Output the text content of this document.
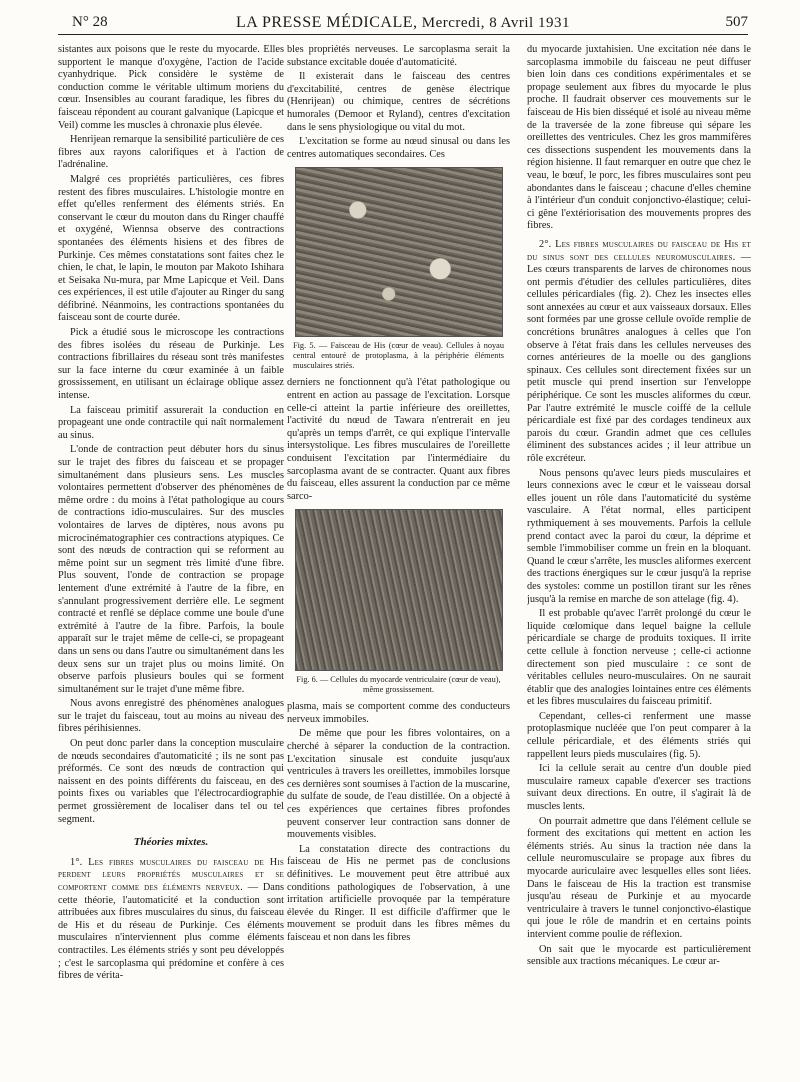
N° 28	LA PRESSE MÉDICALE, Mercredi, 8 Avril 1931	507

sistantes aux poisons que le reste du myocarde. Elles supportent le manque d'oxygène, l'action de l'acide cyanhydrique. Pick considère le système de conduction comme le véritable ultimum moriens du cœur. Insensibles au courant faradique, les fibres du faisceau répondent au courant galvanique (Lapicque et Veil) comme les muscles à chronaxie plus élevée.

Henrijean remarque la sensibilité particulière de ces fibres aux rayons calorifiques et à l'action de l'adrénaline.

Malgré ces propriétés particulières, ces fibres restent des fibres musculaires. L'histologie montre en effet qu'elles renferment des éléments striés. En conservant le cœur du mouton dans du Ringer chauffé et oxygéné, Wiennsa observe des contractions spontanées des éléments hisiens et des fibres de Purkinje. Ces mêmes constatations sont faites chez le chien, le chat, le lapin, le mouton par Makoto Ishihara et Seisaka Nu-mura, par Mme Lapicque et Veil. Dans ces expériences, il est utile d'ajouter au Ringer du sang défibriné. Néanmoins, les contractions spontanées du faisceau sont de courte durée.

Pick a étudié sous le microscope les contractions des fibres isolées du réseau de Purkinje. Les contractions fibrillaires du réseau sont très manifestes sur la face interne du cœur examinée à un faible grossissement, en utilisant un éclairage oblique assez intense.

La faisceau primitif assurerait la conduction en propageant une onde contractile qui naît normalement au sinus.

L'onde de contraction peut débuter hors du sinus sur le trajet des fibres du faisceau et se propager simultanément dans plusieurs sens. Les muscles volontaires permettent d'observer des phénomènes de même ordre : du moins à l'état pathologique au cours de contractions idio-musculaires. Sur des muscles volontaires de larves de diptères, nous avons pu microcinématographier ces contractions atypiques. Ce sont des nœuds de contraction qui se reforment au même point sur un segment très limité d'une fibre. Plus souvent, l'onde de contraction se propage lentement d'une extrémité à l'autre de la fibre, en s'annulant progressivement derrière elle. Le segment contracté et renflé se déplace comme une boule d'une extrémité à l'autre de la fibre. Parfois, la boule apparaît sur le trajet même de celle-ci, se propageant dans un sens ou dans l'autre ou simultanément dans les deux sens sur un trajet plus ou moins limité. On observe parfois plusieurs boules qui se forment simultanément sur le trajet d'une même fibre.

Nous avons enregistré des phénomènes analogues sur le trajet du faisceau, tout au moins au niveau des fibres périhisiennes.

On peut donc parler dans la conception musculaire de nœuds secondaires d'automaticité ; ils ne sont pas préformés. Ce sont des nœuds de contraction qui naissent en des points différents du faisceau, en des points fixes ou variables que l'électrocardiographie permet grossièrement de localiser dans tel ou tel segment.

Théories mixtes.

1°. Les fibres musculaires du faisceau de His perdent leurs propriétés musculaires et se comportent comme des éléments nerveux. — Dans cette théorie, l'automaticité et la conduction sont attribuées aux fibres musculaires du sinus, du faisceau de His et du réseau de Purkinje. Ces éléments musculaires n'interviennent plus comme éléments contractiles. Les éléments striés y sont peu développés ; c'est le sarcoplasma qui prédomine et confère à ces fibres de vérita-

bles propriétés nerveuses. Le sarcoplasma serait la substance excitable douée d'automaticité.

Il existerait dans le faisceau des centres d'excitabilité, centres de genèse électrique (Henrijean) ou chimique, centres de sécrétions humorales (Demoor et Ryland), centres d'excitation dans le sens physiologique ou vital du mot.

L'excitation se forme au nœud sinusal ou dans les centres automatiques secondaires. Ces

Fig. 5. — Faisceau de His (cœur de veau). Cellules à noyau central entouré de protoplasma, à la périphérie éléments musculaires striés.

derniers ne fonctionnent qu'à l'état pathologique ou entrent en action au passage de l'excitation. Lorsque celle-ci atteint la partie inférieure des oreillettes, l'activité du nœud de Tawara n'entrerait en jeu qu'après un temps d'arrêt, ce qui explique l'intervalle intersystolique. Les fibres musculaires de l'oreillette conduisent l'excitation par l'intermédiaire du sarcoplasma avant de se contracter. Quant aux fibres du faisceau, elles assurent la conduction par ce même sarco-

Fig. 6. — Cellules du myocarde ventriculaire (cœur de veau), même grossissement.

plasma, mais se comportent comme des conducteurs nerveux immobiles.

De même que pour les fibres volontaires, on a cherché à séparer la conduction de la contraction. L'excitation sinusale est conduite jusqu'aux ventricules à travers les oreillettes, immobiles lorsque ces dernières sont soumises à l'action de la muscarine, du sulfate de soude, de l'eau distillée. On a objecté à ces expériences que certaines fibres profondes peuvent conserver leur contraction sans donner de mouvements visibles.

La constatation directe des contractions du faisceau de His ne permet pas de conclusions définitives. Le mouvement peut être attribué aux conditions pathologiques de l'observation, à une irritation artificielle provoquée par la température élevée du Ringer. Il est difficile d'affirmer que le mouvement se produit dans les fibres mêmes du faisceau et non dans les fibres

du myocarde juxtahisien. Une excitation née dans le sarcoplasma immobile du faisceau ne peut diffuser bien loin dans ces conditions expérimentales et se propage seulement aux fibres du myocarde le plus proche. Il faudrait observer ces mouvements sur le faisceau de His bien disséqué et isolé au niveau même de la traversée de la zone fibreuse qui sépare les oreillettes des ventricules. Chez les gros mammifères ces dissections suspendent les mouvements dans la région hisienne. Il faut remarquer en outre que chez le veau, le bœuf, le porc, les fibres musculaires sont peu abondantes dans le faisceau ; chacune d'elles chemine à l'intérieur d'un conduit conjonctivo-élastique; celui-ci gêne l'extériorisation des mouvements propres des fibres.

2°. Les fibres musculaires du faisceau de His et du sinus sont des cellules neuromusculaires. — Les cœurs transparents de larves de chironomes nous ont permis d'étudier des cellules particulières, dites cellules péricardiales (fig. 2). Chez les insectes elles sont annexées au cœur et aux vaisseaux dorsaux. Elles sont formées par une grosse cellule ovoïde remplie de concrétions brunâtres analogues à celles que l'on observe à l'état frais dans les cellules nerveuses des cornes antérieures de la moelle ou des ganglions spinaux. Ces cellules sont directement fixées sur un petit muscle qui prend insertion sur l'enveloppe périphérique. Ce sont les muscles aliformes du cœur. Par l'autre extrémité le muscle coiffé de la cellule péricardiale est fixé par des cordages tendineux aux parois du cœur. Grandin admet que ces cellules éliminent des substances acides ; il leur attribue un rôle excréteur.

Nous pensons qu'avec leurs pieds musculaires et leurs connexions avec le cœur et le vaisseau dorsal elles jouent un rôle dans l'automaticité du système vasculaire. A l'état normal, elles participent rythmiquement à ses mouvements. Parfois la cellule prend contact avec la paroi du cœur, la déprime et semble l'immobiliser comme un frein en la bloquant. Quand le cœur s'arrête, les muscles aliformes exercent des tractions énergiques sur le cœur jusqu'à la reprise des systoles: comme un postillon tirant sur les rênes jusqu'à la remise en marche de son attelage (fig. 4).

Il est probable qu'avec l'arrêt prolongé du cœur le liquide cœlomique dans lequel baigne la cellule péricardiale se charge de produits toxiques. Il irrite cette cellule à fonction nerveuse ; celle-ci actionne directement son pied musculaire : ce sont de véritables cellules neuro-musculaires. On ne saurait établir que des analogies lointaines entre ces éléments et les fibres musculaires du faisceau primitif.

Cependant, celles-ci renferment une masse protoplasmique nucléée que l'on peut comparer à la cellule péricardiale, et des éléments striés qui rappellent leurs pieds musculaires (fig. 5).

Ici la cellule serait au centre d'un double pied musculaire rameux capable d'exercer ses tractions suivant deux directions. En outre, il s'agirait là de muscles lents.

On pourrait admettre que dans l'élément cellule se forment des excitations qui mettent en action les éléments striés. Au sinus la traction née dans la cellule neuromusculaire se propage aux fibres du myocarde auriculaire avec lesquelles elles sont liées. Dans le faisceau de His la traction est transmise jusqu'au réseau de Purkinje et au myocarde ventriculaire à travers le tunnel conjonctivo-élastique qui joue le rôle de mandrin et en certains points intervient comme poulie de réflexion.

On sait que le myocarde est particulièrement sensible aux tractions mécaniques. Le cœur ar-
